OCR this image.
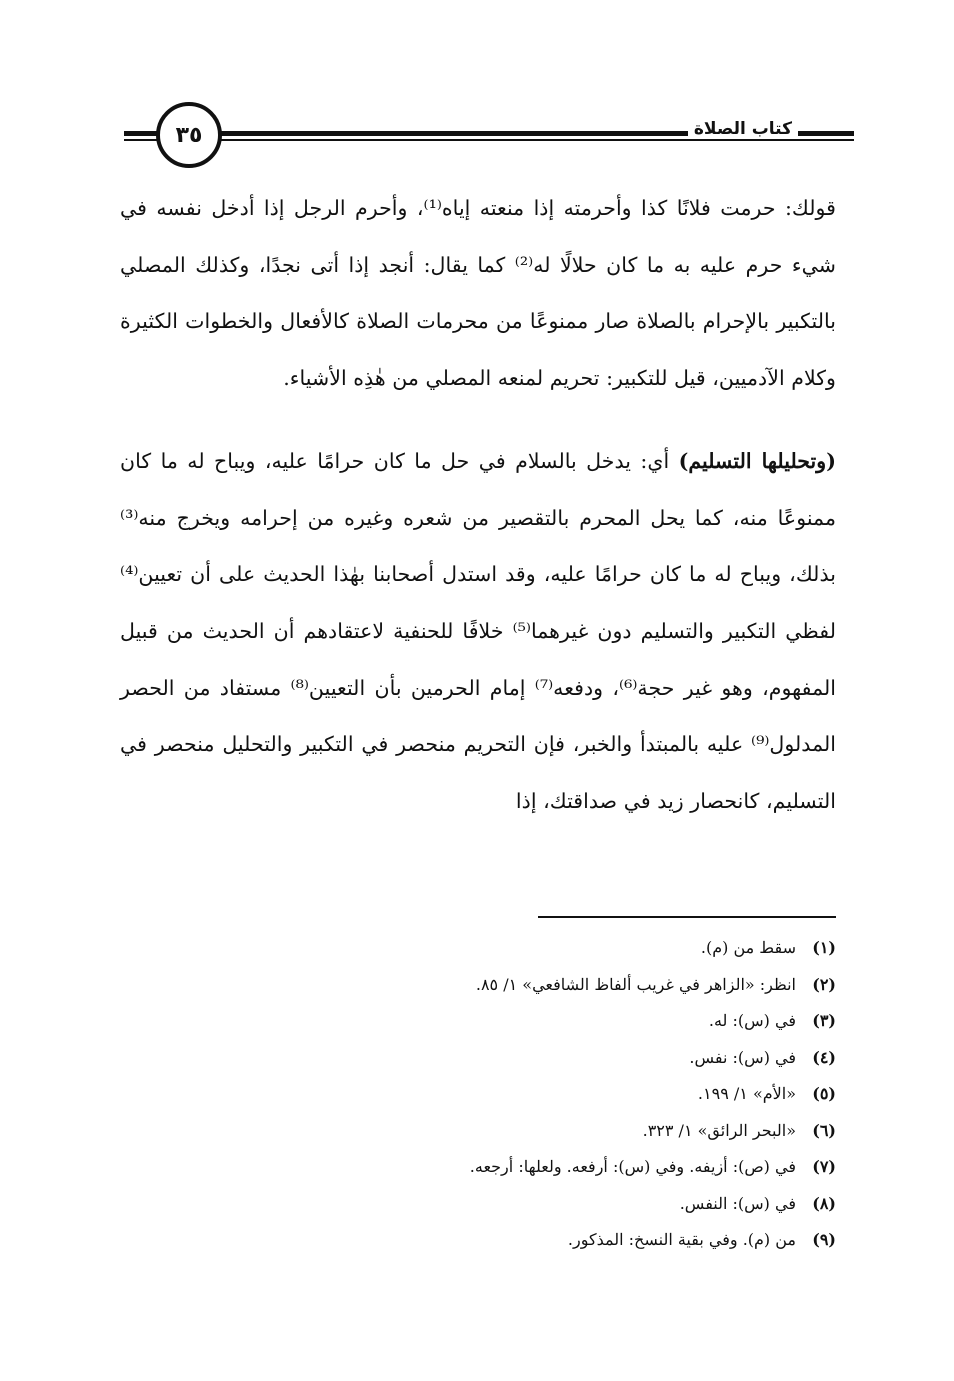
٣٥	كتاب الصلاة

قولك: حرمت فلانًا كذا وأحرمته إذا منعته إياه⁽¹⁾، وأحرم الرجل إذا أدخل نفسه في شيء حرم عليه به ما كان حلالًا له⁽²⁾ كما يقال: أنجد إذا أتى نجدًا، وكذلك المصلي بالتكبير بالإحرام بالصلاة صار ممنوعًا من محرمات الصلاة كالأفعال والخطوات الكثيرة وكلام الآدميين، قيل للتكبير: تحريم لمنعه المصلي من هٰذِه الأشياء.

(وتحليلها التسليم) أي: يدخل بالسلام في حل ما كان حرامًا عليه، ويباح له ما كان ممنوعًا منه، كما يحل المحرم بالتقصير من شعره وغيره من إحرامه ويخرج منه⁽³⁾ بذلك، ويباح له ما كان حرامًا عليه، وقد استدل أصحابنا بهٰذا الحديث على أن تعيين⁽⁴⁾ لفظي التكبير والتسليم دون غيرهما⁽⁵⁾ خلافًا للحنفية لاعتقادهم أن الحديث من قبيل المفهوم، وهو غير حجة⁽⁶⁾، ودفعه⁽⁷⁾ إمام الحرمين بأن التعيين⁽⁸⁾ مستفاد من الحصر المدلول⁽⁹⁾ عليه بالمبتدأ والخبر، فإن التحريم منحصر في التكبير والتحليل منحصر في التسليم، كانحصار زيد في صداقتك، إذا

(١)
سقط من (م).
(٢)
انظر: «الزاهر في غريب ألفاظ الشافعي» ١/ ٨٥.
(٣)
في (س): له.
(٤)
في (س): نفس.
(٥)
«الأم» ١/ ١٩٩.
(٦)
«البحر الرائق» ١/ ٣٢٣.
(٧)
في (ص): أزيفه. وفي (س): أرفعه. ولعلها: أرجعه.
(٨)
في (س): النفس.
(٩)
من (م). وفي بقية النسخ: المذكور.
